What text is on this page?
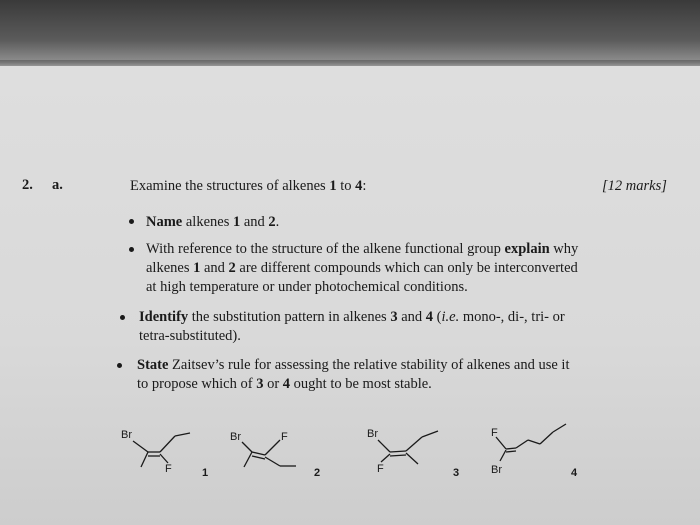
2. a.	Examine the structures of alkenes 1 to 4:	[12 marks]
Name alkenes 1 and 2.
With reference to the structure of the alkene functional group explain why
alkenes 1 and 2 are different compounds which can only be interconverted
at high temperature or under photochemical conditions.
Identify the substitution pattern in alkenes 3 and 4 (i.e. mono-, di-, tri- or
tetra-substituted).
State Zaitsev’s rule for assessing the relative stability of alkenes and use it
to propose which of 3 or 4 ought to be most stable.
Br
F	1
Br	F
2
Br
F	3
F
Br	4
